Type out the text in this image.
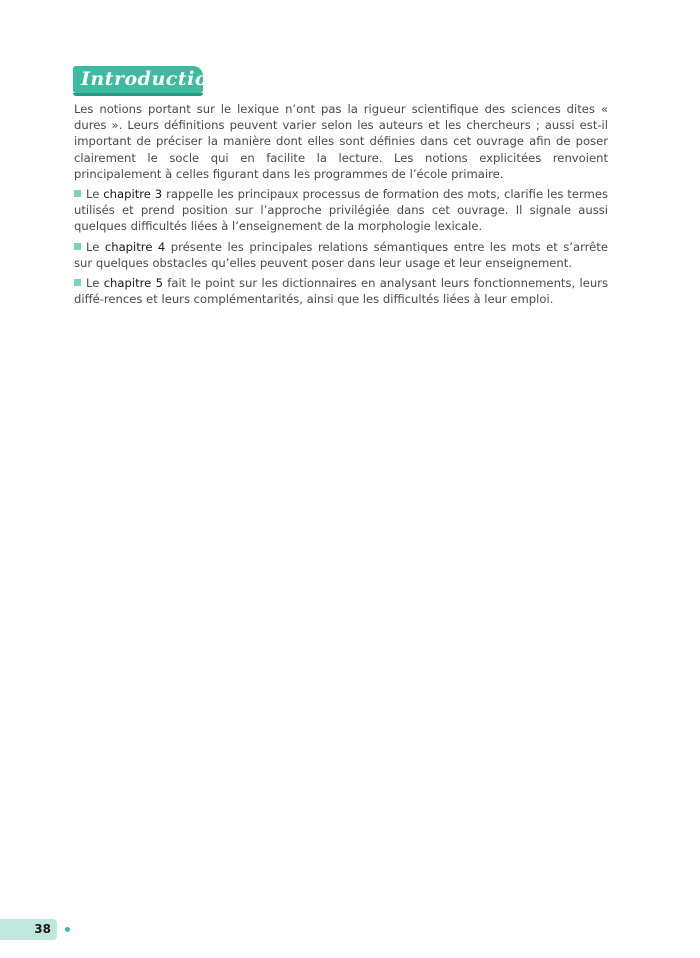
Introduction

Les notions portant sur le lexique n’ont pas la rigueur scientifique des sciences dites « dures ». Leurs définitions peuvent varier selon les auteurs et les chercheurs ; aussi est-il important de préciser la manière dont elles sont définies dans cet ouvrage afin de poser clairement le socle qui en facilite la lecture. Les notions explicitées renvoient principalement à celles figurant dans les programmes de l’école primaire.

Le chapitre 3 rappelle les principaux processus de formation des mots, clarifie les termes utilisés et prend position sur l’approche privilégiée dans cet ouvrage. Il signale aussi quelques difficultés liées à l’enseignement de la morphologie lexicale.

Le chapitre 4 présente les principales relations sémantiques entre les mots et s’arrête sur quelques obstacles qu’elles peuvent poser dans leur usage et leur enseignement.

Le chapitre 5 fait le point sur les dictionnaires en analysant leurs fonctionnements, leurs diffé-rences et leurs complémentarités, ainsi que les difficultés liées à leur emploi.

38
